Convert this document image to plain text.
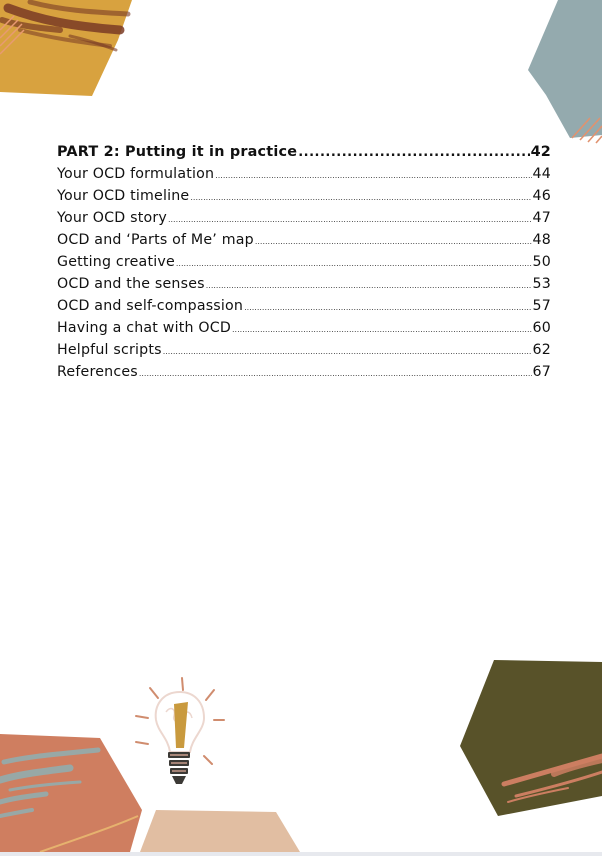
PART 2: Putting it in practice .....	42
Your OCD formulation .....	44
Your OCD timeline .....	46
Your OCD story .....	47
OCD and ‘Parts of Me’ map .....	48
Getting creative .....	50
OCD and the senses .....	53
OCD and self-compassion .....	57
Having a chat with OCD .....	60
Helpful scripts .....	62
References .....	67
